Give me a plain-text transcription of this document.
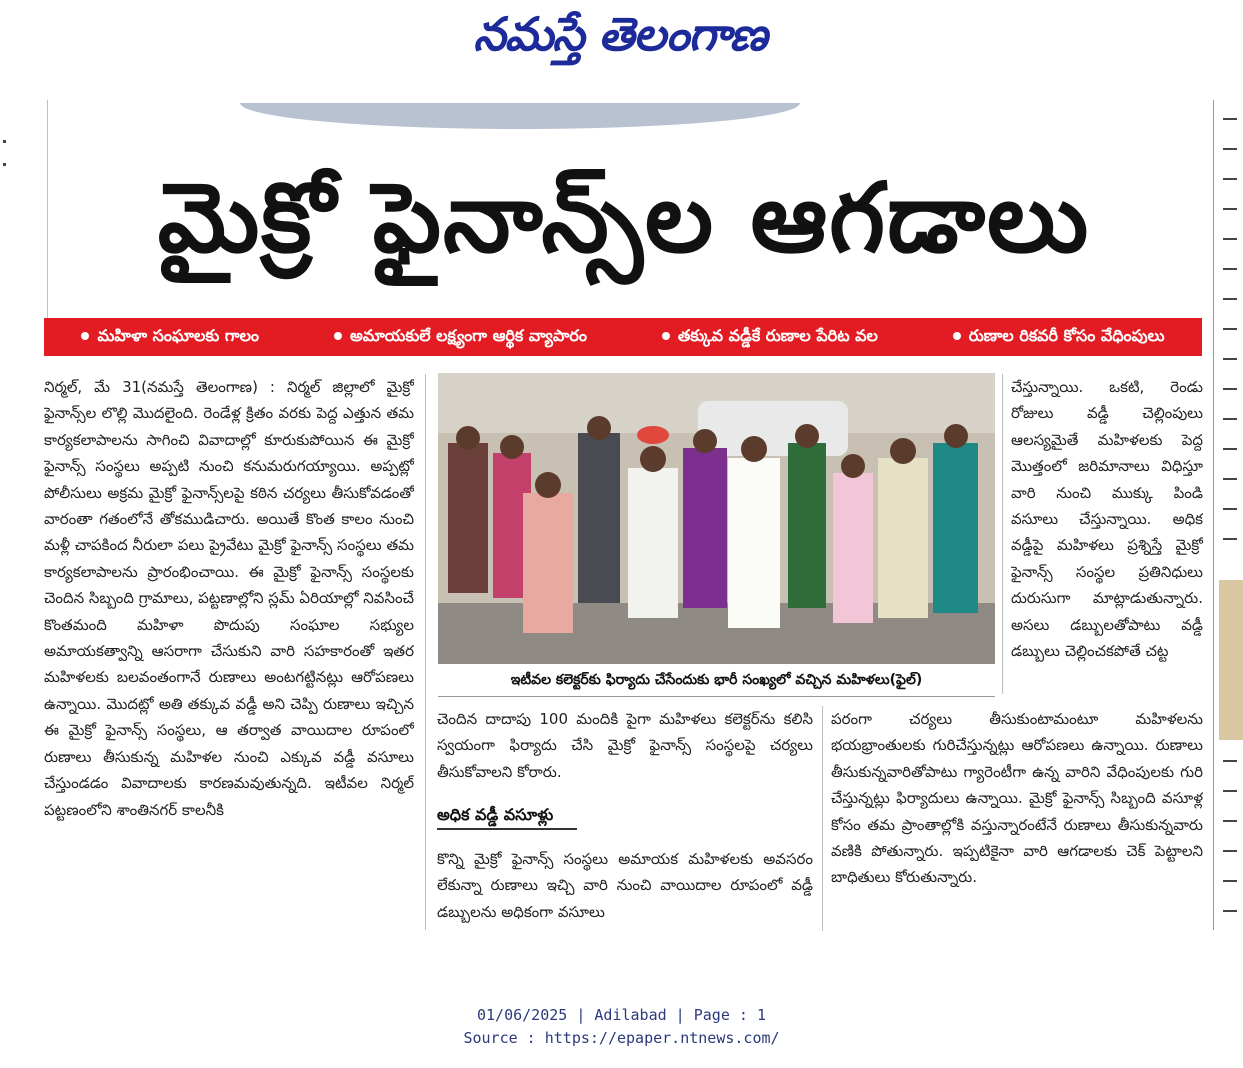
నమస్తే తెలంగాణ
మైక్రో ఫైనాన్స్‌ల ఆగడాలు
మహిళా సంఘాలకు గాలం	అమాయకులే లక్ష్యంగా ఆర్థిక వ్యాపారం	తక్కువ వడ్డీకే రుణాల పేరిట వల	రుణాల రికవరీ కోసం వేధింపులు

నిర్మల్‌, మే 31(నమస్తే తెలంగాణ) : నిర్మల్‌ జిల్లాలో మైక్రో ఫైనాన్స్‌ల లొల్లి మొదలైంది. రెండేళ్ల క్రితం వరకు పెద్ద ఎత్తున తమ కార్యకలాపాలను సాగించి వివాదాల్లో కూరుకుపోయిన ఈ మైక్రో ఫైనాన్స్‌ సంస్థలు అప్పటి నుంచి కనుమరుగయ్యాయి. అప్పట్లో పోలీసులు అక్రమ మైక్రో ఫైనాన్స్‌లపై కఠిన చర్యలు తీసుకోవడంతో వారంతా గతంలోనే తోకముడిచారు. అయితే కొంత కాలం నుంచి మళ్లీ చాపకింద నీరులా పలు ప్రైవేటు మైక్రో ఫైనాన్స్‌ సంస్థలు తమ కార్యకలాపాలను ప్రారంభించాయి. ఈ మైక్రో ఫైనాన్స్‌ సంస్థలకు చెందిన సిబ్బంది గ్రామాలు, పట్టణాల్లోని స్లమ్‌ ఏరియాల్లో నివసించే కొంతమంది మహిళా పొదుపు సంఘాల సభ్యుల అమాయకత్వాన్ని ఆసరాగా చేసుకుని వారి సహకారంతో ఇతర మహిళలకు బలవంతంగానే రుణాలు అంటగట్టినట్లు ఆరోపణలు ఉన్నాయి. మొదట్లో అతి తక్కువ వడ్డీ అని చెప్పి రుణాలు ఇచ్చిన ఈ మైక్రో ఫైనాన్స్‌ సంస్థలు, ఆ తర్వాత వాయిదాల రూపంలో రుణాలు తీసుకున్న మహిళల నుంచి ఎక్కువ వడ్డీ వసూలు చేస్తుండడం వివాదాలకు కారణమవుతున్నది. ఇటీవల నిర్మల్‌ పట్టణంలోని శాంతినగర్‌ కాలనీకి

ఇటీవల కలెక్టర్‌కు ఫిర్యాదు చేసేందుకు భారీ సంఖ్యలో వచ్చిన మహిళలు(ఫైల్‌)

చేస్తున్నాయి. ఒకటి, రెండు రోజులు వడ్డీ చెల్లింపులు ఆలస్యమైతే మహిళలకు పెద్ద మొత్తంలో జరిమానాలు విధిస్తూ వారి నుంచి ముక్కు పిండి వసూలు చేస్తున్నాయి. అధిక వడ్డీపై మహిళలు ప్రశ్నిస్తే మైక్రో ఫైనాన్స్‌ సంస్థల ప్రతినిధులు దురుసుగా మాట్లాడుతున్నారు. అసలు డబ్బులతోపాటు వడ్డీ డబ్బులు చెల్లించకపోతే చట్ట

చెందిన దాదాపు 100 మందికి పైగా మహిళలు కలెక్టర్‌ను కలిసి స్వయంగా ఫిర్యాదు చేసి మైక్రో ఫైనాన్స్‌ సంస్థలపై చర్యలు తీసుకోవాలని కోరారు.

అధిక వడ్డీ వసూళ్లు

కొన్ని మైక్రో ఫైనాన్స్‌ సంస్థలు అమాయక మహిళలకు అవసరం లేకున్నా రుణాలు ఇచ్చి వారి నుంచి వాయిదాల రూపంలో వడ్డీ డబ్బులను అధికంగా వసూలు

పరంగా చర్యలు తీసుకుంటామంటూ మహిళలను భయభ్రాంతులకు గురిచేస్తున్నట్లు ఆరోపణలు ఉన్నాయి. రుణాలు తీసుకున్నవారితోపాటు గ్యారెంటీగా ఉన్న వారిని వేధింపులకు గురి చేస్తున్నట్లు ఫిర్యాదులు ఉన్నాయి. మైక్రో ఫైనాన్స్‌ సిబ్బంది వసూళ్ల కోసం తమ ప్రాంతాల్లోకి వస్తున్నారంటేనే రుణాలు తీసుకున్నవారు వణికి పోతున్నారు. ఇప్పటికైనా వారి ఆగడాలకు చెక్‌ పెట్టాలని బాధితులు కోరుతున్నారు.

01/06/2025 | Adilabad | Page : 1
Source : https://epaper.ntnews.com/
